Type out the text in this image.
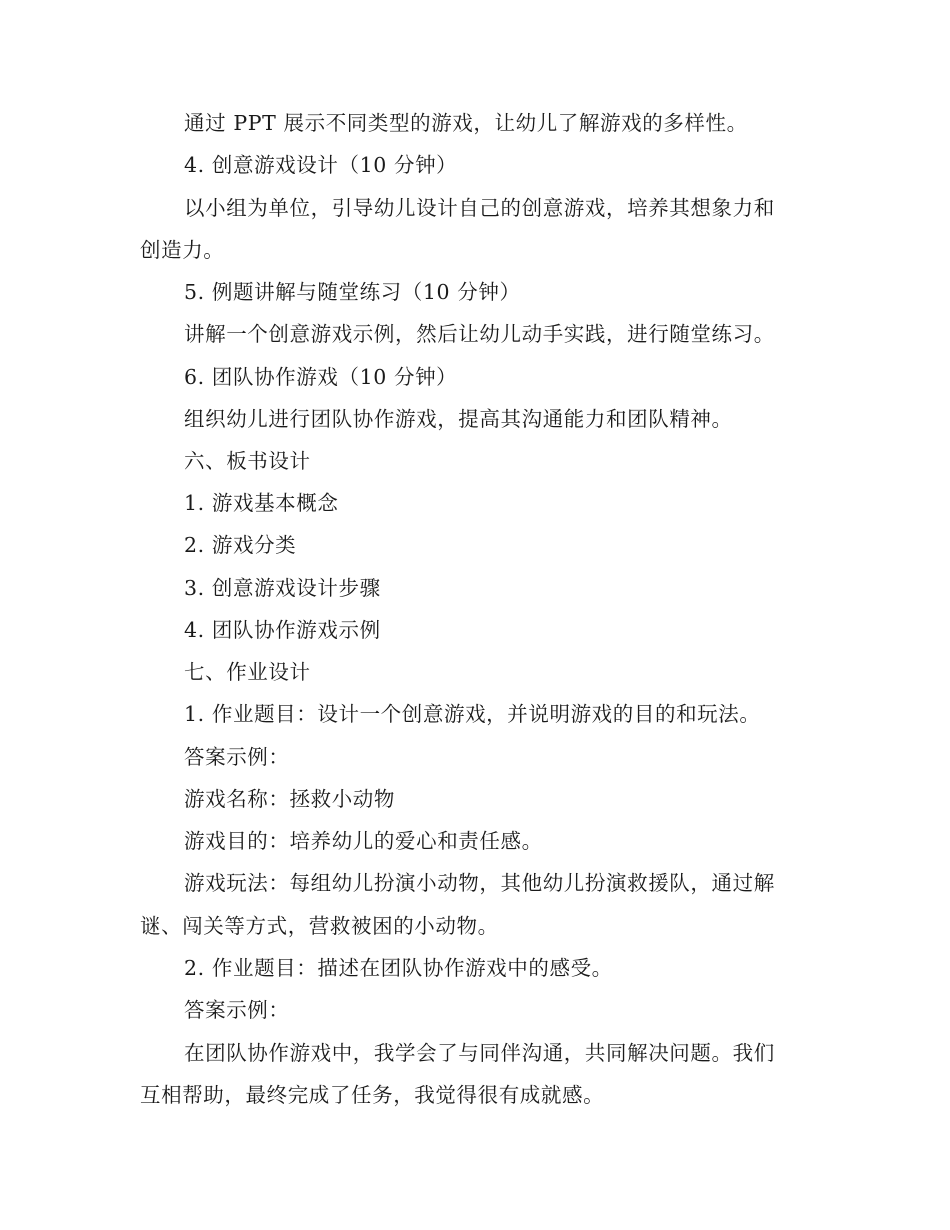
通过 PPT 展示不同类型的游戏，让幼儿了解游戏的多样性。
4. 创意游戏设计（10 分钟）
以小组为单位，引导幼儿设计自己的创意游戏，培养其想象力和
创造力。
5. 例题讲解与随堂练习（10 分钟）
讲解一个创意游戏示例，然后让幼儿动手实践，进行随堂练习。
6. 团队协作游戏（10 分钟）
组织幼儿进行团队协作游戏，提高其沟通能力和团队精神。
六、板书设计
1. 游戏基本概念
2. 游戏分类
3. 创意游戏设计步骤
4. 团队协作游戏示例
七、作业设计
1. 作业题目：设计一个创意游戏，并说明游戏的目的和玩法。
答案示例：
游戏名称：拯救小动物
游戏目的：培养幼儿的爱心和责任感。
游戏玩法：每组幼儿扮演小动物，其他幼儿扮演救援队，通过解
谜、闯关等方式，营救被困的小动物。
2. 作业题目：描述在团队协作游戏中的感受。
答案示例：
在团队协作游戏中，我学会了与同伴沟通，共同解决问题。我们
互相帮助，最终完成了任务，我觉得很有成就感。
